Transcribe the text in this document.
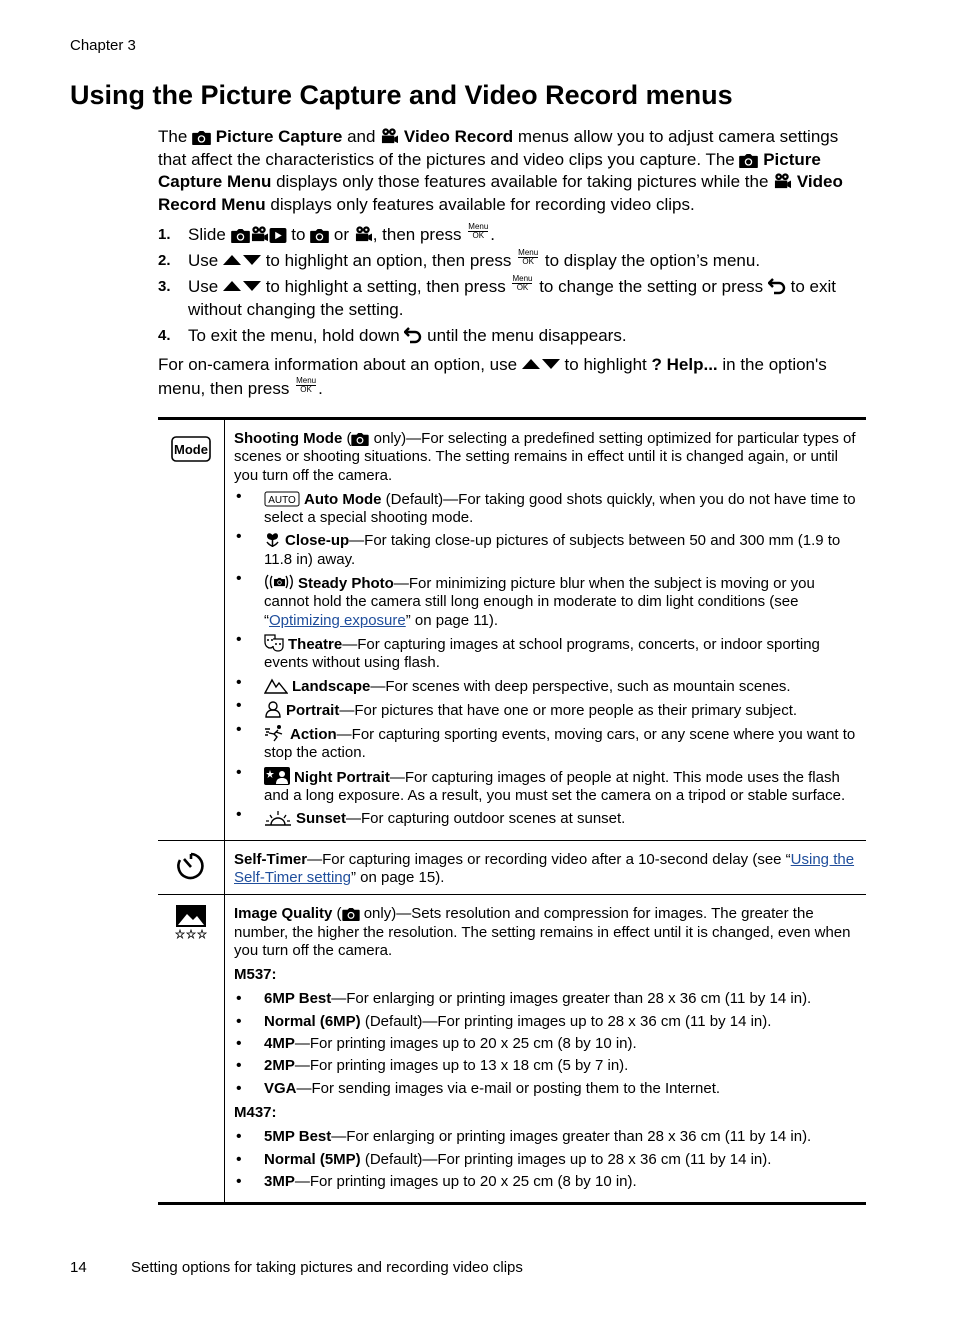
Chapter 3
Using the Picture Capture and Video Record menus
The  Picture Capture and  Video Record menus allow you to adjust camera settings that affect the characteristics of the pictures and video clips you capture. The  Picture Capture Menu displays only those features available for taking pictures while the  Video Record Menu displays only features available for recording video clips.
1. Slide	to  or , then press Menu
OK .
2. Use  to highlight an option, then press Menu
OK to display the option’s menu.
3. Use  to highlight a setting, then press Menu
OK to change the setting or press  to exit without changing the setting.
4. To exit the menu, hold down  until the menu disappears.
For on-camera information about an option, use  to highlight ? Help... in the option's menu, then press Menu
OK .
Mode

Shooting Mode ( only)—For selecting a predefined setting optimized for particular types of scenes or shooting situations. The setting remains in effect until it is changed again, or until you turn off the camera.

• AUTO Auto Mode (Default)—For taking good shots quickly, when you do not have time to select a special shooting mode.
• Close-up—For taking close-up pictures of subjects between 50 and 300 mm (1.9 to 11.8 in) away.
• Steady Photo—For minimizing picture blur when the subject is moving or you cannot hold the camera still long enough in moderate to dim light conditions (see “Optimizing exposure” on page 11).
• Theatre—For capturing images at school programs, concerts, or indoor sporting events without using flash.
• Landscape—For scenes with deep perspective, such as mountain scenes.
• Portrait—For pictures that have one or more people as their primary subject.
• Action—For capturing sporting events, moving cars, or any scene where you want to stop the action.
• Night Portrait—For capturing images of people at night. This mode uses the flash and a long exposure. As a result, you must set the camera on a tripod or stable surface.
• Sunset—For capturing outdoor scenes at sunset.

Self-Timer—For capturing images or recording video after a 10-second delay (see “Using the Self-Timer setting” on page 15).

Image Quality ( only)—Sets resolution and compression for images. The greater the number, the higher the resolution. The setting remains in effect until it is changed, even when you turn off the camera.

M537:

• 6MP Best—For enlarging or printing images greater than 28 x 36 cm (11 by 14 in).
• Normal (6MP) (Default)—For printing images up to 28 x 36 cm (11 by 14 in).
• 4MP—For printing images up to 20 x 25 cm (8 by 10 in).
• 2MP—For printing images up to 13 x 18 cm (5 by 7 in).
• VGA—For sending images via e-mail or posting them to the Internet.

M437:

• 5MP Best—For enlarging or printing images greater than 28 x 36 cm (11 by 14 in).
• Normal (5MP) (Default)—For printing images up to 28 x 36 cm (11 by 14 in).
• 3MP—For printing images up to 20 x 25 cm (8 by 10 in).
14	Setting options for taking pictures and recording video clips
